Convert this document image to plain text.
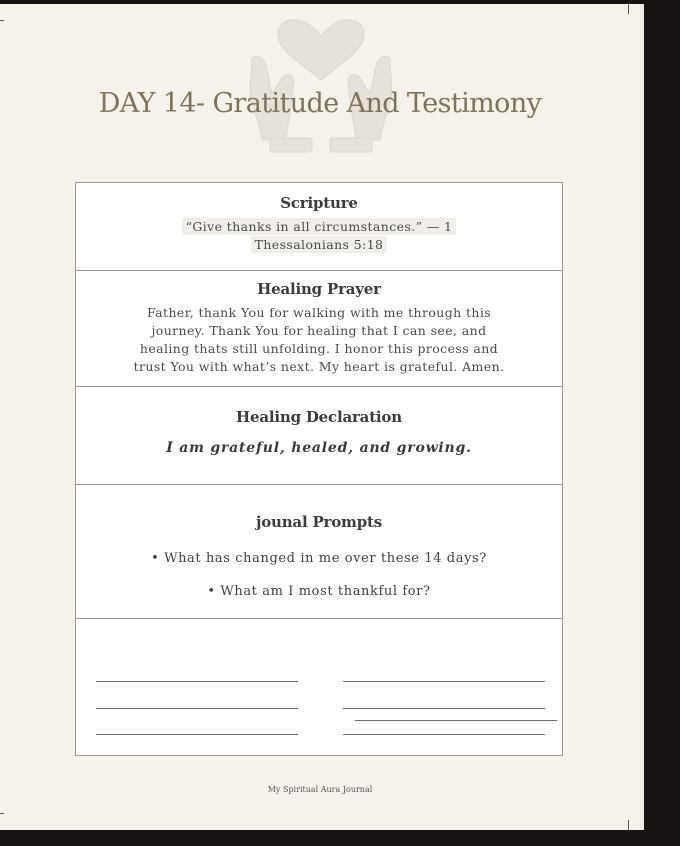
DAY 14- Gratitude And Testimony
Scripture
“Give thanks in all circumstances.” — 1
Thessalonians 5:18
Healing Prayer
Father, thank You for walking with me through this
journey. Thank You for healing that I can see, and
healing thats still unfolding. I honor this process and
trust You with what’s next. My heart is grateful. Amen.
Healing Declaration
I am grateful, healed, and growing.
jounal Prompts
• What has changed in me over these 14 days?
• What am I most thankful for?
My Spiritual Aura Journal
